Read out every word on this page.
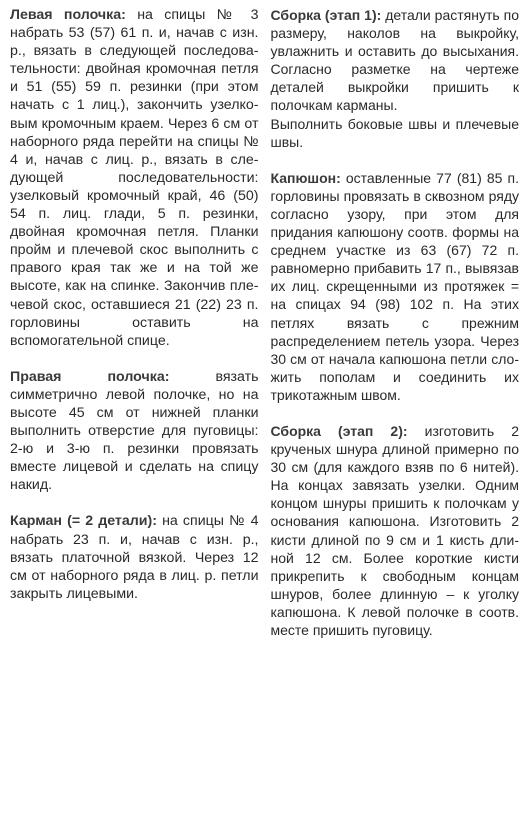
Левая полочка: на спицы № 3 набрать 53 (57) 61 п. и, начав с изн. р., вязать в следующей последовательности: двойная кромочная петля и 51 (55) 59 п. резинки (при этом начать с 1 лиц.), закончить узелковым кромочным краем. Через 6 см от наборного ряда перейти на спицы № 4 и, начав с лиц. р., вязать в следующей последовательности: узелковый кромочный край, 46 (50) 54 п. лиц. глади, 5 п. резинки, двойная кромочная петля. Планки пройм и плечевой скос выполнить с правого края так же и на той же высоте, как на спинке. Закончив плечевой скос, оставшиеся 21 (22) 23 п. горловины оставить на вспомогательной спице.

Правая полочка: вязать симметрично левой полочке, но на высоте 45 см от нижней планки выполнить отверстие для пуговицы: 2-ю и 3-ю п. резинки провязать вместе лицевой и сделать на спицу накид.

Карман (= 2 детали): на спицы № 4 набрать 23 п. и, начав с изн. р., вязать платочной вязкой. Через 12 см от наборного ряда в лиц. р. петли закрыть лицевыми.

Сборка (этап 1): детали растянуть по размеру, наколов на выкройку, увлажнить и оставить до высыхания. Согласно разметке на чертеже деталей выкройки пришить к полочкам карманы.
Выполнить боковые швы и плечевые швы.

Капюшон: оставленные 77 (81) 85 п. горловины провязать в сквозном ряду согласно узору, при этом для придания капюшону соотв. формы на среднем участке из 63 (67) 72 п. равномерно прибавить 17 п., вывязав их лиц. скрещенными из протяжек = на спицах 94 (98) 102 п. На этих петлях вязать с прежним распределением петель узора. Через 30 см от начала капюшона петли сложить пополам и соединить их трикотажным швом.

Сборка (этап 2): изготовить 2 крученых шнура длиной примерно по 30 см (для каждого взяв по 6 нитей). На концах завязать узелки. Одним концом шнуры пришить к полочкам у основания капюшона. Изготовить 2 кисти длиной по 9 см и 1 кисть длиной 12 см. Более короткие кисти прикрепить к свободным концам шнуров, более длинную – к уголку капюшона. К левой полочке в соотв. месте пришить пуговицу.
